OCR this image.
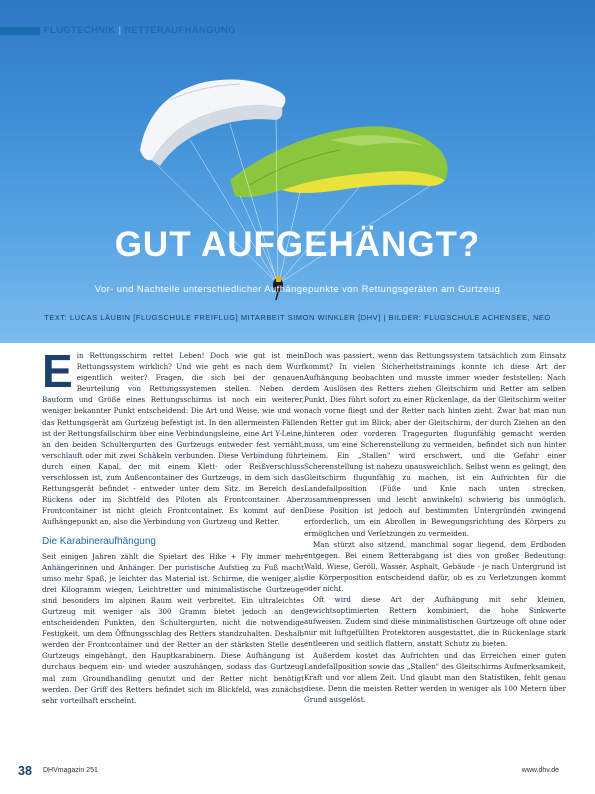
FLUGTECHNIK | RETTERAUFHÄNGUNG
GUT AUFGEHÄNGT?
Vor- und Nachteile unterschiedlicher Aufhängepunkte von Rettungsgeräten am Gurtzeug
TEXT: LUCAS LÄUBIN [FLUGSCHULE FREIFLUG] MITARBEIT SIMON WINKLER [DHV] | BILDER: FLUGSCHULE ACHENSEE, NEO

Ein Rettungsschirm rettet Leben! Doch wie gut ist mein Rettungssystem wirklich? Und wie geht es nach dem Wurf eigentlich weiter? Fragen, die sich bei der genauen Beurteilung von Rettungssystemen stellen. Neben der Bauform und Größe eines Rettungsschirms ist noch ein weiterer, weniger bekannter Punkt entscheidend: Die Art und Weise, wie und wo das Rettungsgerät am Gurtzeug befestigt ist. In den allermeisten Fällen ist der Rettungsfallschirm über eine Verbindungsleine, eine Art Y-Leine, an den beiden Schultergurten des Gurtzeugs entweder fest vernäht, verschlauft oder mit zwei Schäkeln verbunden. Diese Verbindung führt durch einen Kanal, der mit einem Klett- oder Reißverschluss verschlossen ist, zum Außencontainer des Gurtzeugs, in dem sich das Rettungsgerät befindet - entweder unter dem Sitz, im Bereich des Rückens oder im Sichtfeld des Piloten als Frontcontainer. Aber Frontcontainer ist nicht gleich Frontcontainer. Es kommt auf den Aufhängepunkt an, also die Verbindung von Gurtzeug und Retter.

Die Karabineraufhängung

Seit einigen Jahren zählt die Spielart des Hike + Fly immer mehr Anhängerinnen und Anhänger. Der puristische Aufstieg zu Fuß macht umso mehr Spaß, je leichter das Material ist. Schirme, die weniger als drei Kilogramm wiegen, Leichtretter und minimalistische Gurtzeuge sind besonders im alpinen Raum weit verbreitet. Ein ultraleichtes Gurtzeug mit weniger als 300 Gramm bietet jedoch an den entscheidenden Punkten, den Schultergurten, nicht die notwendige Festigkeit, um dem Öffnungsschlag des Retters standzuhalten. Deshalb werden der Frontcontainer und der Retter an der stärksten Stelle des Gurtzeugs eingehängt, den Hauptkarabinern. Diese Aufhängung ist durchaus bequem ein- und wieder auszuhängen, sodass das Gurtzeug mal zum Groundhandling genutzt und der Retter nicht benötigt werden. Der Griff des Retters befindet sich im Blickfeld, was zunächst sehr vorteilhaft erscheint.

Doch was passiert, wenn das Rettungssystem tatsächlich zum Einsatz kommt? In vielen Sicherheitstrainings konnte ich diese Art der Aufhängung beobachten und musste immer wieder feststellen: Nach dem Auslösen des Retters ziehen Gleitschirm und Retter am selben Punkt. Dies führt sofort zu einer Rückenlage, da der Gleitschirm weiter nach vorne fliegt und der Retter nach hinten zieht. Zwar hat man nun den Retter gut im Blick, aber der Gleitschirm, der durch Ziehen an den hinteren oder vorderen Tragegurten flugunfähig gemacht werden muss, um eine Scherenstellung zu vermeiden, befindet sich nun hinter einem. Ein „Stallen" wird erschwert, und die Gefahr einer Scherenstellung ist nahezu unausweichlich. Selbst wenn es gelingt, den Gleitschirm flugunfähig zu machen, ist ein Aufrichten für die Landefallposition (Füße und Knie nach unten strecken, zusammenpressen und leicht anwinkeln) schwierig bis unmöglich. Diese Position ist jedoch auf bestimmten Untergründen zwingend erforderlich, um ein Abrollen in Bewegungsrichtung des Körpers zu ermöglichen und Verletzungen zu vermeiden.

Man stürzt also sitzend, manchmal sogar liegend, dem Erdboden entgegen. Bei einem Retterabgang ist dies von großer Bedeutung: Wald, Wiese, Geröll, Wasser, Asphalt, Gebäude - je nach Untergrund ist die Körperposition entscheidend dafür, ob es zu Verletzungen kommt oder nicht.

Oft wird diese Art der Aufhängung mit sehr kleinen, gewichtsoptimierten Rettern kombiniert, die hohe Sinkwerte aufweisen. Zudem sind diese minimalistischen Gurtzeuge oft ohne oder nur mit luftgefüllten Protektoren ausgestattet, die in Rückenlage stark entleeren und seitlich flattern, anstatt Schutz zu bieten.

Außerdem kostet das Aufrichten und das Erreichen einer guten Landefallposition sowie das „Stallen" des Gleitschirms Aufmerksamkeit, Kraft und vor allem Zeit. Und glaubt man den Statistiken, fehlt genau diese. Denn die meisten Retter werden in weniger als 100 Metern über Grund ausgelöst.

38 DHVmagazin 251	www.dhv.de
